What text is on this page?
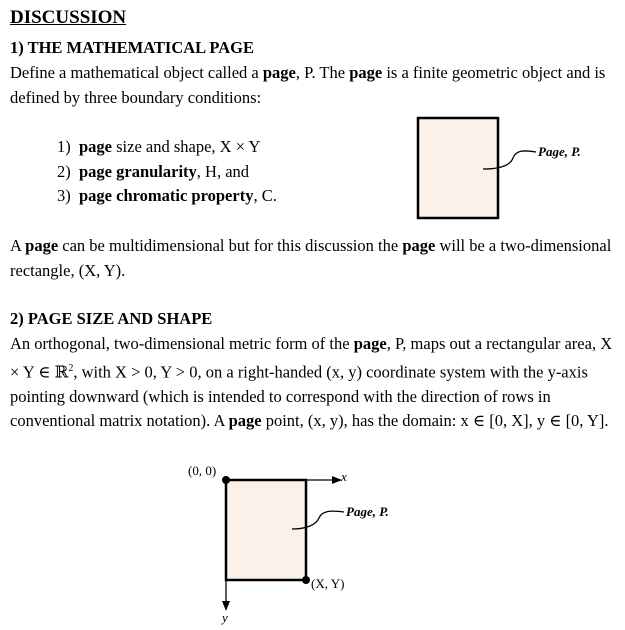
DISCUSSION
1) THE MATHEMATICAL PAGE
Define a mathematical object called a page, P. The page is a finite geometric object and is defined by three boundary conditions:
1) page size and shape, X × Y
2) page granularity, H, and
3) page chromatic property, C.
Page, P.
A page can be multidimensional but for this discussion the page will be a two-dimensional rectangle, (X, Y).
2) PAGE SIZE AND SHAPE
An orthogonal, two-dimensional metric form of the page, P, maps out a rectangular area, X × Y ∈ ℝ$^2$, with X > 0, Y > 0, on a right-handed (x, y) coordinate system with the y-axis pointing downward (which is intended to correspond with the direction of rows in conventional matrix notation). A page point, (x, y), has the domain: x ∈ [0, X], y ∈ [0, Y].
(0, 0)	x
y
(X, Y)
Page, P.
